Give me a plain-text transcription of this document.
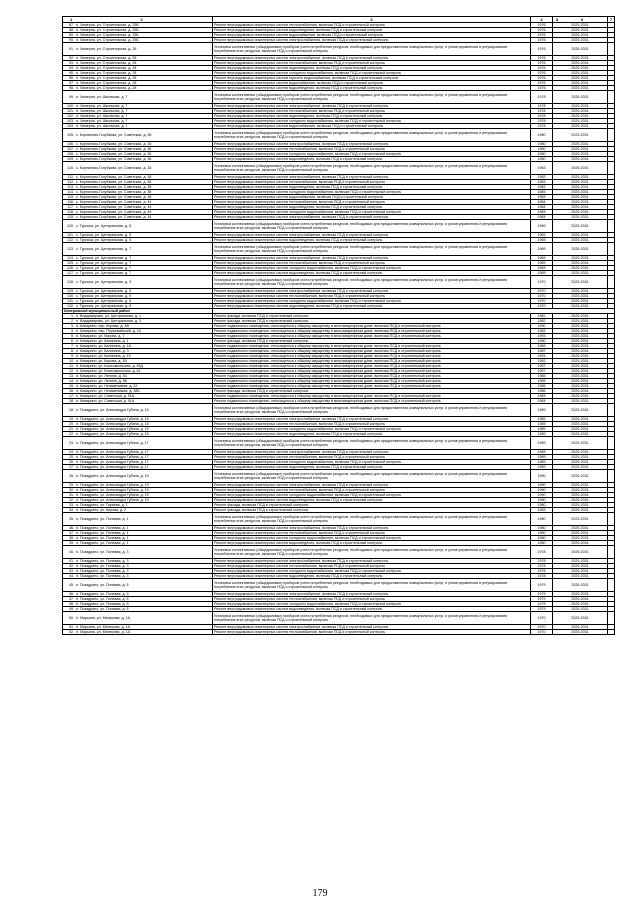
1 2	3	4	5 6	7
87. п. Чемерна, ул. Строительная, д. 25Б	Ремонт внутридомовых инженерных систем теплоснабжения, включая ПСД и строительный контроль	1976	2029-2031	
88. п. Чемерна, ул. Строительная, д. 25Б	Ремонт внутридомовых инженерных систем водоотведения, включая ПСД и строительный контроль	1976	2029-2031	
89. п. Чемерна, ул. Строительная, д. 25Б	Ремонт внутридомовых инженерных систем водоснабжения, включая ПСД и строительный контроль	1976	2029-2031	
90. п. Чемерна, ул. Строительная, д. 25Б	Ремонт внутридомовых инженерных систем электроснабжения, включая ПСД и строительный контроль	1976	2029-2031	
91. п. Чемерна, ул. Строительная, д. 26	Установка коллективных (общедомовых) приборов учета потребления ресурсов, необходимых для предоставления коммунальных услуг, и узлов управления и регулирования потребления этих ресурсов, включая ПСД и строительный контроль	1976	2029-2031	
92. п. Чемерна, ул. Строительная, д. 28	Ремонт внутридомовых инженерных систем электроснабжения, включая ПСД и строительный контроль	1976	2029-2031	
93. п. Чемерна, ул. Строительная, д. 28	Ремонт внутридомовых инженерных систем теплоснабжения, включая ПСД и строительный контроль	1976	2029-2031	
94. п. Чемерна, ул. Строительная, д. 28	Ремонт внутридомовых инженерных систем водоотведения, включая ПСД и строительный контроль	1976	2029-2031	
95. п. Чемерна, ул. Строительная, д. 28	Ремонт внутридомовых инженерных систем холодного водоснабжения, включая ПСД и строительный контроль	1976	2029-2031	
96. п. Чемерна, ул. Строительная, д. 28	Ремонт внутридомовых инженерных систем горячего водоснабжения, включая ПСД и строительный контроль	1976	2029-2031	
97. п. Чемерна, ул. Строительная, д. 28	Ремонт внутридомовых инженерных систем водоснабжения, включая ПСД и строительный контроль	1976	2029-2031	
98. п. Чемерна, ул. Строительная, д. 28	Ремонт внутридомовых инженерных систем водоотведения, включая ПСД и строительный контроль	1976	2029-2031	
99. п. Чемерна, ул. Школьная, д. 7	Установка коллективных (общедомовых) приборов учета потребления ресурсов, необходимых для предоставления коммунальных услуг, и узлов управления и регулирования потребления этих ресурсов, включая ПСД и строительный контроль	1978	2029-2031	
100. п. Чемерна, ул. Школьная, д. 7	Ремонт внутридомовых инженерных систем электроснабжения, включая ПСД и строительный контроль	1978	2029-2031	
101. п. Чемерна, ул. Школьная, д. 7	Ремонт внутридомовых инженерных систем теплоснабжения, включая ПСД и строительный контроль	1978	2029-2031	
102. п. Чемерна, ул. Школьная, д. 7	Ремонт внутридомовых инженерных систем водоотведения, включая ПСД и строительный контроль	1978	2029-2031	
103. п. Чемерна, ул. Школьная, д. 7	Ремонт внутридомовых инженерных систем холодного водоснабжения, включая ПСД и строительный контроль	1978	2029-2031	
104. п. Чемерна, ул. Школьная, д. 7	Ремонт внутридомовых инженерных систем водоснабжения, включая ПСД и строительный контроль	1978	2029-2031	
105. с. Корнилово-Голубкова, ул. Советская, д. 36	Установка коллективных (общедомовых) приборов учета потребления ресурсов, необходимых для предоставления коммунальных услуг, и узлов управления и регулирования потребления этих ресурсов, включая ПСД и строительный контроль	1980	2029-2031	
106. с. Корнилово-Голубкова, ул. Советская, д. 36	Ремонт внутридомовых инженерных систем электроснабжения, включая ПСД и строительный контроль	1980	2029-2031	
107. с. Корнилово-Голубкова, ул. Советская, д. 36	Ремонт внутридомовых инженерных систем теплоснабжения, включая ПСД и строительный контроль	1980	2029-2031	
108. с. Корнилово-Голубкова, ул. Советская, д. 36	Ремонт внутридомовых инженерных систем холодного водоснабжения, включая ПСД и строительный контроль	1980	2029-2031	
109. с. Корнилово-Голубкова, ул. Советская, д. 36	Ремонт внутридомовых инженерных систем водоотведения, включая ПСД и строительный контроль	1980	2029-2031	
110. с. Корнилово-Голубкова, ул. Советская, д. 38	Установка коллективных (общедомовых) приборов учета потребления ресурсов, необходимых для предоставления коммунальных услуг, и узлов управления и регулирования потребления этих ресурсов, включая ПСД и строительный контроль	1983	2029-2031	
111. с. Корнилово-Голубкова, ул. Советская, д. 38	Ремонт внутридомовых инженерных систем электроснабжения, включая ПСД и строительный контроль	1983	2029-2031	
112. с. Корнилово-Голубкова, ул. Советская, д. 38	Ремонт внутридомовых инженерных систем теплоснабжения, включая ПСД и строительный контроль	1983	2029-2031	
113. с. Корнилово-Голубкова, ул. Советская, д. 38	Ремонт внутридомовых инженерных систем водоотведения, включая ПСД и строительный контроль	1983	2029-2031	
114. с. Корнилово-Голубкова, ул. Советская, д. 38	Ремонт внутридомовых инженерных систем холодного водоснабжения, включая ПСД и строительный контроль	1983	2029-2031	
115. с. Корнилово-Голубкова, ул. Советская, д. 38	Ремонт внутридомовых инженерных систем водоснабжения, включая ПСД и строительный контроль	1983	2029-2031	
116. с. Корнилово-Голубкова, ул. Советская, д. 44	Ремонт внутридомовых инженерных систем теплоснабжения, включая ПСД и строительный контроль	1984	2029-2031	
117. с. Корнилово-Голубкова, ул. Советская, д. 44	Ремонт внутридомовых инженерных систем водоотведения, включая ПСД и строительный контроль	1984	2029-2031	
118. с. Корнилово-Голубкова, ул. Советская, д. 44	Ремонт внутридомовых инженерных систем холодного водоснабжения, включая ПСД и строительный контроль	1984	2029-2031	
119. с. Корнилово-Голубкова, ул. Советская, д. 44	Ремонт внутридомовых инженерных систем электроснабжения, включая ПСД и строительный контроль	1984	2029-2031	
120. с. Туроска, ул. Центральная, д. 5	Установка коллективных (общедомовых) приборов учета потребления ресурсов, необходимых для предоставления коммунальных услуг, и узлов управления и регулирования потребления этих ресурсов, включая ПСД и строительный контроль	1969	2029-2031	
121. с. Туроска, ул. Центральная, д. 5	Ремонт внутридомовых инженерных систем электроснабжения, включая ПСД и строительный контроль	1969	2029-2031	
122. с. Туроска, ул. Центральная, д. 5	Ремонт внутридомовых инженерных систем водоотведения, включая ПСД и строительный контроль	1969	2029-2031	
123. с. Туроска, ул. Центральная, д. 7	Установка коллективных (общедомовых) приборов учета потребления ресурсов, необходимых для предоставления коммунальных услуг, и узлов управления и регулирования потребления этих ресурсов, включая ПСД и строительный контроль	1969	2029-2031	
124. с. Туроска, ул. Центральная, д. 7	Ремонт внутридомовых инженерных систем электроснабжения, включая ПСД и строительный контроль	1969	2029-2031	
125. с. Туроска, ул. Центральная, д. 7	Ремонт внутридомовых инженерных систем теплоснабжения, включая ПСД и строительный контроль	1969	2029-2031	
126. с. Туроска, ул. Центральная, д. 7	Ремонт внутридомовых инженерных систем холодного водоснабжения, включая ПСД и строительный контроль	1969	2029-2031	
127. с. Туроска, ул. Центральная, д. 7	Ремонт внутридомовых инженерных систем водоотведения, включая ПСД и строительный контроль	1969	2029-2031	
128. с. Туроска, ул. Центральная, д. 9	Установка коллективных (общедомовых) приборов учета потребления ресурсов, необходимых для предоставления коммунальных услуг, и узлов управления и регулирования потребления этих ресурсов, включая ПСД и строительный контроль	1970	2029-2031	
129. с. Туроска, ул. Центральная, д. 9	Ремонт внутридомовых инженерных систем электроснабжения, включая ПСД и строительный контроль	1970	2029-2031	
130. с. Туроска, ул. Центральная, д. 9	Ремонт внутридомовых инженерных систем теплоснабжения, включая ПСД и строительный контроль	1970	2029-2031	
131. с. Туроска, ул. Центральная, д. 9	Ремонт внутридомовых инженерных систем холодного водоснабжения, включая ПСД и строительный контроль	1970	2029-2031	
132. с. Туроска, ул. Центральная, д. 9	Ремонт внутридомовых инженерных систем водоотведения, включая ПСД и строительный контроль	1970	2029-2031	
Кемеровский муниципальный район				
1. п. Владимирово, ул. Центральная, д. 1	Ремонт фасада, включая ПСД и строительный контроль	1982	2029-2031	
2. п. Владимирово, ул. Центральная, д. 3	Ремонт фасада, включая ПСД и строительный контроль	1982	2029-2031	
3. п. Комарино, пер. Кирова, д. 4В	Ремонт подвального помещения, относящегося к общему имуществу в многоквартирном доме, включая ПСД и строительный контроль	1990	2029-2031	
4. п. Комарино, пер. Первомайский, д. 15	Ремонт подвального помещения, относящегося к общему имуществу в многоквартирном доме, включая ПСД и строительный контроль	1983	2029-2031	
5. п. Комарино, ул. Кирова, д. 7	Ремонт подвального помещения, относящегося к общему имуществу в многоквартирном доме, включая ПСД и строительный контроль	1993	2029-2031	
6. п. Комарино, ул. Калинина, д. 1	Ремонт фасада, включая ПСД и строительный контроль	1980	2029-2031	
7. п. Комарино, ул. Калинина, д. 1А	Ремонт подвального помещения, относящегося к общему имуществу в многоквартирном доме, включая ПСД и строительный контроль	1989	2029-2031	
8. п. Комарино, ул. Калинина, д. 3	Ремонт подвального помещения, относящегося к общему имуществу в многоквартирном доме, включая ПСД и строительный контроль	1987	2029-2031	
9. п. Комарино, ул. Калинина, д. 15	Ремонт подвального помещения, относящегося к общему имуществу в многоквартирном доме, включая ПСД и строительный контроль	1991	2029-2031	
10. п. Комарино, ул. Кирова, д. 1В	Ремонт подвального помещения, относящегося к общему имуществу в многоквартирном доме, включая ПСД и строительный контроль	1992	2029-2031	
11. п. Комарино, ул. Комсомольская, д. 95Д	Ремонт подвального помещения, относящегося к общему имуществу в многоквартирном доме, включая ПСД и строительный контроль	1997	2029-2031	
12. п. Комарино, ул. Комсомольская, д. 61	Ремонт подвального помещения, относящегося к общему имуществу в многоквартирном доме, включая ПСД и строительный контроль	1997	2029-2031	
13. п. Комарино, ул. Ленина, д. 54	Ремонт подвального помещения, относящегося к общему имуществу в многоквартирном доме, включая ПСД и строительный контроль	1985	2029-2031	
14. п. Комарино, ул. Ленина, д. 56	Ремонт подвального помещения, относящегося к общему имуществу в многоквартирном доме, включая ПСД и строительный контроль	1985	2029-2031	
15. п. Комарино, ул. Незаменимая, д. 22	Ремонт подвального помещения, относящегося к общему имуществу в многоквартирном доме, включая ПСД и строительный контроль	1985	2029-2031	
16. п. Комарино, ул. Незаменимая, д. 38Б	Ремонт фасада, включая ПСД и строительный контроль	1986	2029-2031	
17. п. Комарино, ул. Советская, д. 91А	Ремонт подвального помещения, относящегося к общему имуществу в многоквартирном доме, включая ПСД и строительный контроль	1984	2029-2031	
18. п. Комарино, ул. Советская, д. 91А	Ремонт подвального помещения, относящегося к общему имуществу в многоквартирном доме, включая ПСД и строительный контроль	1984	2029-2031	
18. п. Позадрино, ул. Александра Губина, д. 15	Установка коллективных (общедомовых) приборов учета потребления ресурсов, необходимых для предоставления коммунальных услуг, и узлов управления и регулирования потребления этих ресурсов, включая ПСД и строительный контроль	1989	2029-2031	
19. п. Позадрино, ул. Александра Губина, д. 15	Ремонт внутридомовых инженерных систем электроснабжения, включая ПСД и строительный контроль	1989	2029-2031	
20. п. Позадрино, ул. Александра Губина, д. 15	Ремонт внутридомовых инженерных систем теплоснабжения, включая ПСД и строительный контроль	1989	2029-2031	
21. п. Позадрино, ул. Александра Губина, д. 15	Ремонт внутридомовых инженерных систем холодного водоснабжения, включая ПСД и строительный контроль	1989	2029-2031	
22. п. Позадрино, ул. Александра Губина, д. 15	Ремонт внутридомовых инженерных систем водоотведения, включая ПСД и строительный контроль	1989	2029-2031	
23. п. Позадрино, ул. Александра Губина, д. 17	Установка коллективных (общедомовых) приборов учета потребления ресурсов, необходимых для предоставления коммунальных услуг, и узлов управления и регулирования потребления этих ресурсов, включая ПСД и строительный контроль	1989	2029-2031	
24. п. Позадрино, ул. Александра Губина, д. 17	Ремонт внутридомовых инженерных систем электроснабжения, включая ПСД и строительный контроль	1989	2029-2031	
25. п. Позадрино, ул. Александра Губина, д. 17	Ремонт внутридомовых инженерных систем теплоснабжения, включая ПСД и строительный контроль	1989	2029-2031	
26. п. Позадрино, ул. Александра Губина, д. 17	Ремонт внутридомовых инженерных систем холодного водоснабжения, включая ПСД и строительный контроль	1989	2029-2031	
27. п. Позадрино, ул. Александра Губина, д. 17	Ремонт внутридомовых инженерных систем водоотведения, включая ПСД и строительный контроль	1989	2029-2031	
28. п. Позадрино, ул. Александра Губина, д. 19	Установка коллективных (общедомовых) приборов учета потребления ресурсов, необходимых для предоставления коммунальных услуг, и узлов управления и регулирования потребления этих ресурсов, включая ПСД и строительный контроль	1990	2029-2031	
29. п. Позадрино, ул. Александра Губина, д. 19	Ремонт внутридомовых инженерных систем электроснабжения, включая ПСД и строительный контроль	1990	2029-2031	
30. п. Позадрино, ул. Александра Губина, д. 19	Ремонт внутридомовых инженерных систем теплоснабжения, включая ПСД и строительный контроль	1990	2029-2031	
31. п. Позадрино, ул. Александра Губина, д. 19	Ремонт внутридомовых инженерных систем холодного водоснабжения, включая ПСД и строительный контроль	1990	2029-2031	
32. п. Позадрино, ул. Александра Губина, д. 19	Ремонт внутридомовых инженерных систем водоотведения, включая ПСД и строительный контроль	1990	2029-2031	
33. п. Позадрино, ул. Гараева, д. 1	Ремонт фасада, включая ПСД и строительный контроль	1980	2029-2031	
34. п. Позадрино, ул. Кирова, д. 2	Ремонт фасада, включая ПСД и строительный контроль	1983	2029-2031	
35. п. Позадрино, ул. Полевая, д. 1	Установка коллективных (общедомовых) приборов учета потребления ресурсов, необходимых для предоставления коммунальных услуг, и узлов управления и регулирования потребления этих ресурсов, включая ПСД и строительный контроль	1980	2029-2031	
36. п. Позадрино, ул. Полевая, д. 1	Ремонт внутридомовых инженерных систем электроснабжения, включая ПСД и строительный контроль	1980	2029-2031	
37. п. Позадрино, ул. Полевая, д. 1	Ремонт внутридомовых инженерных систем теплоснабжения, включая ПСД и строительный контроль	1980	2029-2031	
38. п. Позадрино, ул. Полевая, д. 1	Ремонт внутридомовых инженерных систем холодного водоснабжения, включая ПСД и строительный контроль	1980	2029-2031	
39. п. Позадрино, ул. Полевая, д. 1	Ремонт внутридомовых инженерных систем водоотведения, включая ПСД и строительный контроль	1980	2029-2031	
40. п. Позадрино, ул. Полевая, д. 3	Установка коллективных (общедомовых) приборов учета потребления ресурсов, необходимых для предоставления коммунальных услуг, и узлов управления и регулирования потребления этих ресурсов, включая ПСД и строительный контроль	1978	2029-2031	
41. п. Позадрино, ул. Полевая, д. 3	Ремонт внутридомовых инженерных систем электроснабжения, включая ПСД и строительный контроль	1978	2029-2031	
42. п. Позадрино, ул. Полевая, д. 3	Ремонт внутридомовых инженерных систем теплоснабжения, включая ПСД и строительный контроль	1978	2029-2031	
43. п. Позадрино, ул. Полевая, д. 3	Ремонт внутридомовых инженерных систем холодного водоснабжения, включая ПСД и строительный контроль	1978	2029-2031	
44. п. Позадрино, ул. Полевая, д. 3	Ремонт внутридомовых инженерных систем водоотведения, включая ПСД и строительный контроль	1978	2029-2031	
45. п. Позадрино, ул. Полевая, д. 5	Установка коллективных (общедомовых) приборов учета потребления ресурсов, необходимых для предоставления коммунальных услуг, и узлов управления и регулирования потребления этих ресурсов, включая ПСД и строительный контроль	1979	2029-2031	
46. п. Позадрино, ул. Полевая, д. 5	Ремонт внутридомовых инженерных систем электроснабжения, включая ПСД и строительный контроль	1979	2029-2031	
47. п. Позадрино, ул. Полевая, д. 5	Ремонт внутридомовых инженерных систем теплоснабжения, включая ПСД и строительный контроль	1979	2029-2031	
48. п. Позадрино, ул. Полевая, д. 5	Ремонт внутридомовых инженерных систем холодного водоснабжения, включая ПСД и строительный контроль	1979	2029-2031	
49. п. Позадрино, ул. Полевая, д. 5	Ремонт внутридомовых инженерных систем водоотведения, включая ПСД и строительный контроль	1979	2029-2031	
50. п. Марьяна, ул. Минерная, д. 1А	Установка коллективных (общедомовых) приборов учета потребления ресурсов, необходимых для предоставления коммунальных услуг, и узлов управления и регулирования потребления этих ресурсов, включая ПСД и строительный контроль	1970	2029-2031	
51. п. Марьяна, ул. Минерная, д. 1А	Ремонт внутридомовых инженерных систем электроснабжения, включая ПСД и строительный контроль	1970	2029-2031	
52. п. Марьяна, ул. Минерная, д. 1А	Ремонт внутридомовых инженерных систем теплоснабжения, включая ПСД и строительный контроль	1970	2029-2031	
179
